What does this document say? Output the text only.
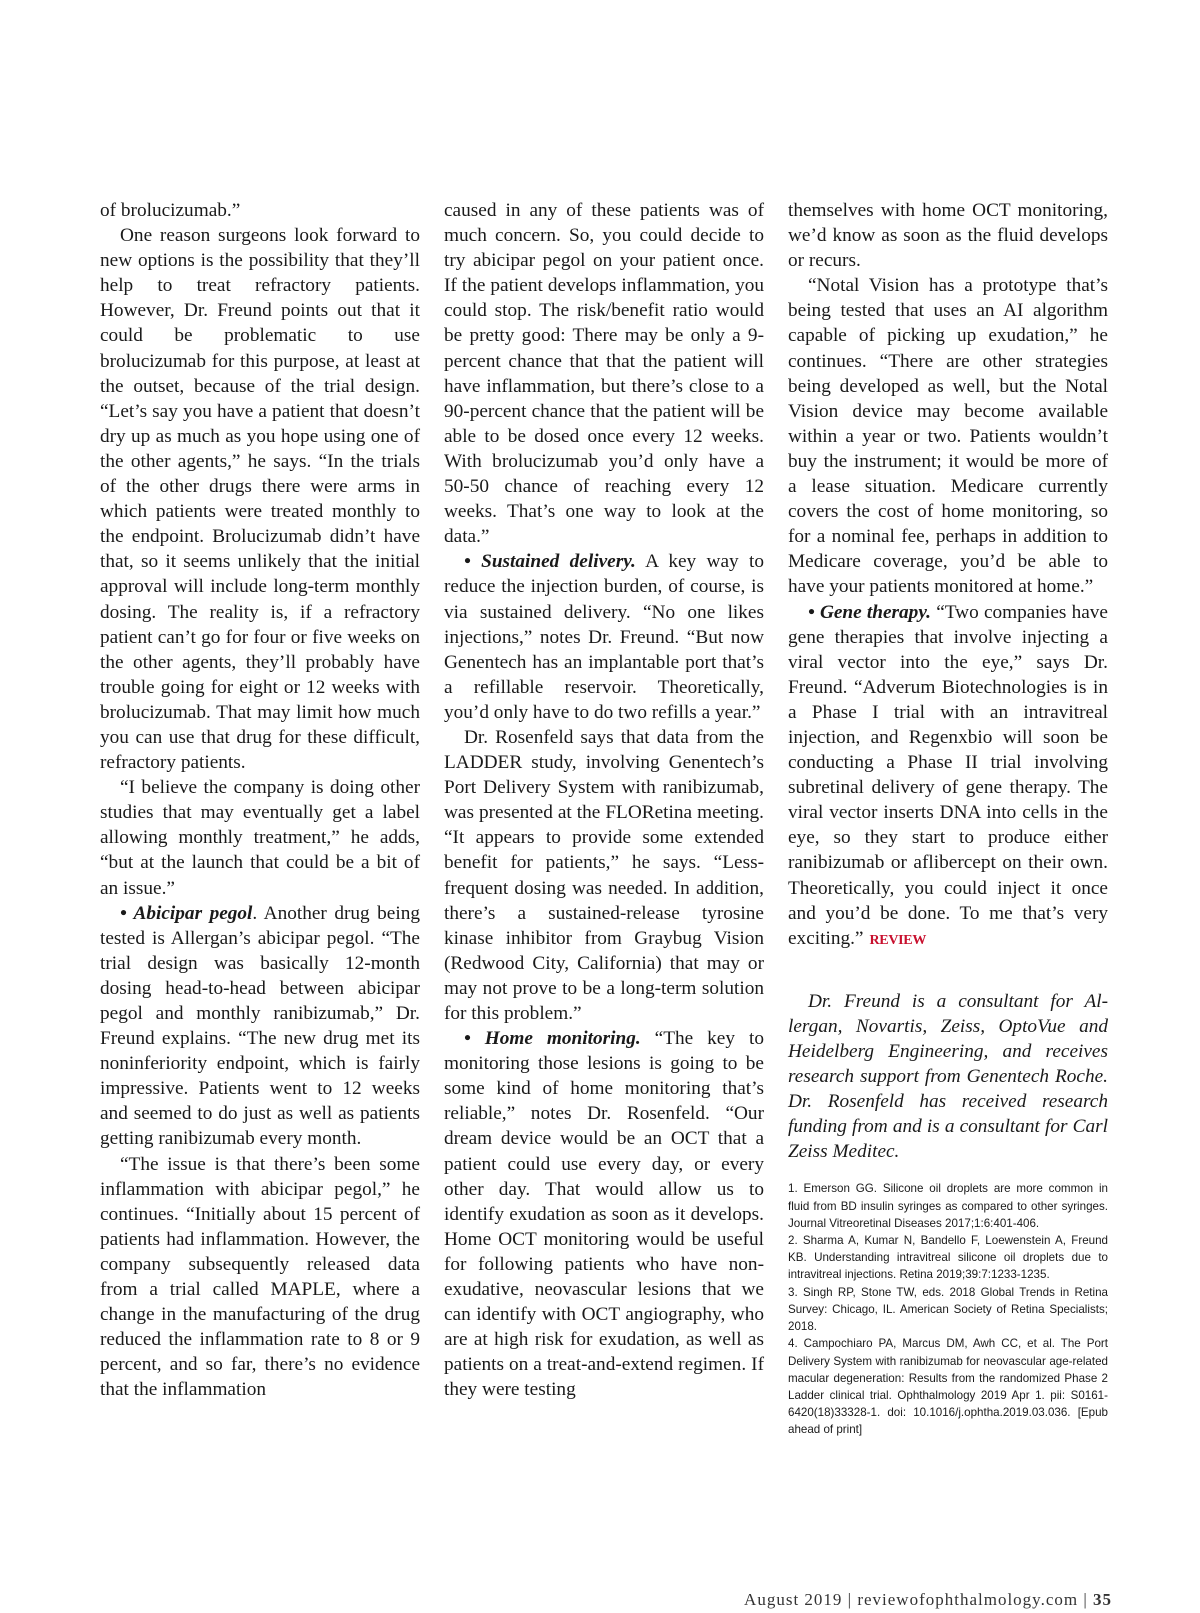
of brolucizumab.”

One reason surgeons look forward to new options is the possibility that they’ll help to treat refractory patients. However, Dr. Freund points out that it could be problematic to use brolucizumab for this purpose, at least at the outset, because of the trial design. “Let’s say you have a patient that doesn’t dry up as much as you hope using one of the other agents,” he says. “In the trials of the other drugs there were arms in which patients were treated monthly to the endpoint. Brolucizumab didn’t have that, so it seems unlikely that the initial approval will include long-term monthly dosing. The reality is, if a refractory patient can’t go for four or five weeks on the other agents, they’ll probably have trouble going for eight or 12 weeks with brolucizumab. That may limit how much you can use that drug for these difficult, refractory patients.

“I believe the company is doing other studies that may eventually get a label allowing monthly treatment,” he adds, “but at the launch that could be a bit of an issue.”

• Abicipar pegol. Another drug being tested is Allergan’s abicipar pegol. “The trial design was basically 12-month dosing head-to-head between abicipar pegol and monthly ranibizumab,” Dr. Freund explains. “The new drug met its noninferiority endpoint, which is fairly impressive. Patients went to 12 weeks and seemed to do just as well as patients getting ranibizumab every month.

“The issue is that there’s been some inflammation with abicipar pegol,” he continues. “Initially about 15 percent of patients had inflammation. However, the company subsequently released data from a trial called MAPLE, where a change in the manufacturing of the drug reduced the inflammation rate to 8 or 9 percent, and so far, there’s no evidence that the inflammation

caused in any of these patients was of much concern. So, you could decide to try abicipar pegol on your patient once. If the patient develops inflammation, you could stop. The risk/benefit ratio would be pretty good: There may be only a 9-percent chance that that the patient will have inflammation, but there’s close to a 90-percent chance that the patient will be able to be dosed once every 12 weeks. With brolucizumab you’d only have a 50-50 chance of reaching every 12 weeks. That’s one way to look at the data.”

• Sustained delivery. A key way to reduce the injection burden, of course, is via sustained delivery. “No one likes injections,” notes Dr. Freund. “But now Genentech has an implantable port that’s a refillable reservoir. Theoretically, you’d only have to do two refills a year.”

Dr. Rosenfeld says that data from the LADDER study, involving Genentech’s Port Delivery System with ranibizumab, was presented at the FLORetina meeting. “It appears to provide some extended benefit for patients,” he says. “Less-frequent dosing was needed. In addition, there’s a sustained-release tyrosine kinase inhibitor from Graybug Vision (Redwood City, California) that may or may not prove to be a long-term solution for this problem.”

• Home monitoring. “The key to monitoring those lesions is going to be some kind of home monitoring that’s reliable,” notes Dr. Rosenfeld. “Our dream device would be an OCT that a patient could use every day, or every other day. That would allow us to identify exudation as soon as it develops. Home OCT monitoring would be useful for following patients who have non-exudative, neovascular lesions that we can identify with OCT angiography, who are at high risk for exudation, as well as patients on a treat-and-extend regimen. If they were testing

themselves with home OCT monitoring, we’d know as soon as the fluid develops or recurs.

“Notal Vision has a prototype that’s being tested that uses an AI algorithm capable of picking up exudation,” he continues. “There are other strategies being developed as well, but the Notal Vision device may become available within a year or two. Patients wouldn’t buy the instrument; it would be more of a lease situation. Medicare currently covers the cost of home monitoring, so for a nominal fee, perhaps in addition to Medicare coverage, you’d be able to have your patients monitored at home.”

• Gene therapy. “Two companies have gene therapies that involve injecting a viral vector into the eye,” says Dr. Freund. “Adverum Biotechnologies is in a Phase I trial with an intravitreal injection, and Regenxbio will soon be conducting a Phase II trial involving subretinal delivery of gene therapy. The viral vector inserts DNA into cells in the eye, so they start to produce either ranibizumab or aflibercept on their own. Theoretically, you could inject it once and you’d be done. To me that’s very exciting.” REVIEW

Dr. Freund is a consultant for Allergan, Novartis, Zeiss, OptoVue and Heidelberg Engineering, and receives research support from Genentech Roche. Dr. Rosenfeld has received research funding from and is a consultant for Carl Zeiss Meditec.

1. Emerson GG. Silicone oil droplets are more common in fluid from BD insulin syringes as compared to other syringes. Journal Vitreoretinal Diseases 2017;1:6:401-406.
2. Sharma A, Kumar N, Bandello F, Loewenstein A, Freund KB. Understanding intravitreal silicone oil droplets due to intravitreal injections. Retina 2019;39:7:1233-1235.
3. Singh RP, Stone TW, eds. 2018 Global Trends in Retina Survey: Chicago, IL. American Society of Retina Specialists; 2018.
4. Campochiaro PA, Marcus DM, Awh CC, et al. The Port Delivery System with ranibizumab for neovascular age-related macular degeneration: Results from the randomized Phase 2 Ladder clinical trial. Ophthalmology 2019 Apr 1. pii: S0161-6420(18)33328-1. doi: 10.1016/j.ophtha.2019.03.036. [Epub ahead of print]
August 2019 | reviewofophthalmology.com | 35
